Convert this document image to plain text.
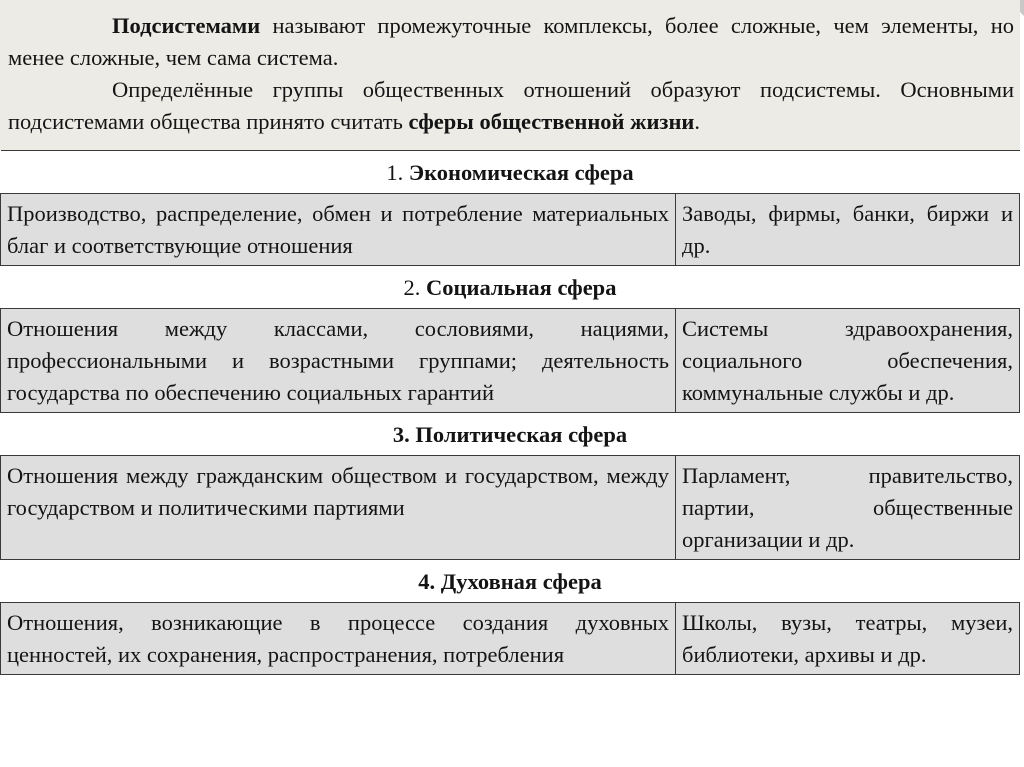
Подсистемами называют промежуточные комплексы, более сложные, чем элементы, но менее сложные, чем сама система.

Определённые группы общественных отношений образуют подсистемы. Основными подсистемами общества принято считать сферы общественной жизни.

1. Экономическая сфера	
Производство, распределение, обмен и потребление материальных благ и соответствующие отношения	Заводы, фирмы, банки, биржи и др.
2. Социальная сфера	
Отношения между классами, сословиями, нациями, профессиональными и возрастными группами; деятельность государства по обеспечению социальных гарантий	Системы здравоохранения, социального обеспечения, коммунальные службы и др.
3. Политическая сфера	
Отношения между гражданским обществом и государством, между государством и политическими партиями	Парламент, правительство, партии, общественные организации и др.
4. Духовная сфера	
Отношения, возникающие в процессе создания духовных ценностей, их сохранения, распространения, потребления	Школы, вузы, театры, музеи, библиотеки, архивы и др.
